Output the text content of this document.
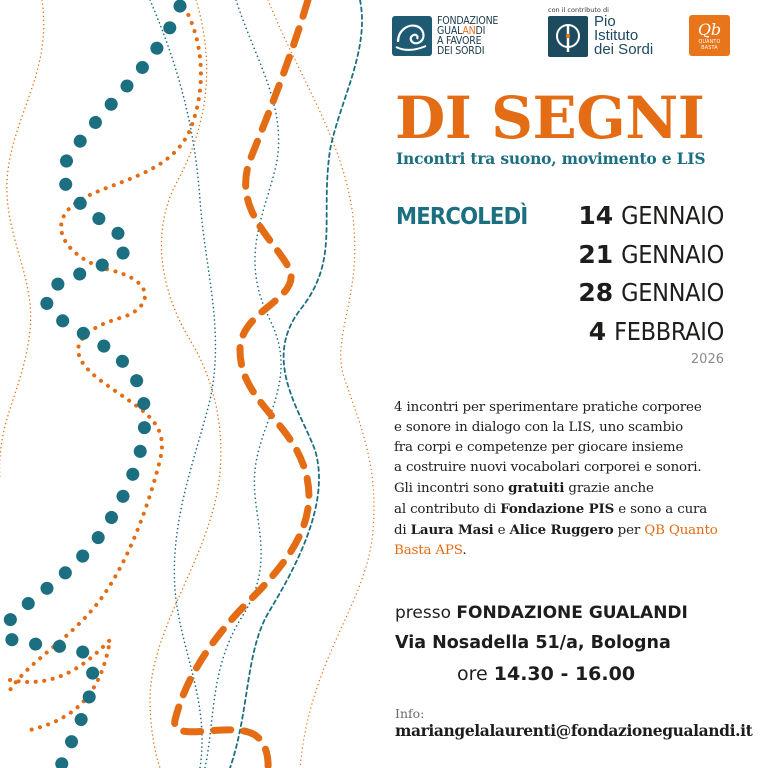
FONDAZIONE
GUALANDI
A FAVORE
DEI SORDI
con il contributo di
Pio
Istituto
dei Sordi
Qb
QUANTO
BASTA
DI SEGNI
Incontri tra suono, movimento e LIS
MERCOLEDÌ 14 GENNAIO
21 GENNAIO
28 GENNAIO
4 FEBBRAIO
2026
4 incontri per sperimentare pratiche corporee
e sonore in dialogo con la LIS, uno scambio
fra corpi e competenze per giocare insieme
a costruire nuovi vocabolari corporei e sonori.
Gli incontri sono gratuiti grazie anche
al contributo di Fondazione PIS e sono a cura
di Laura Masi e Alice Ruggero per QB Quanto
Basta APS.
presso FONDAZIONE GUALANDI
Via Nosadella 51/a, Bologna
ore 14.30 - 16.00
Info:
mariangelalaurenti@fondazionegualandi.it
